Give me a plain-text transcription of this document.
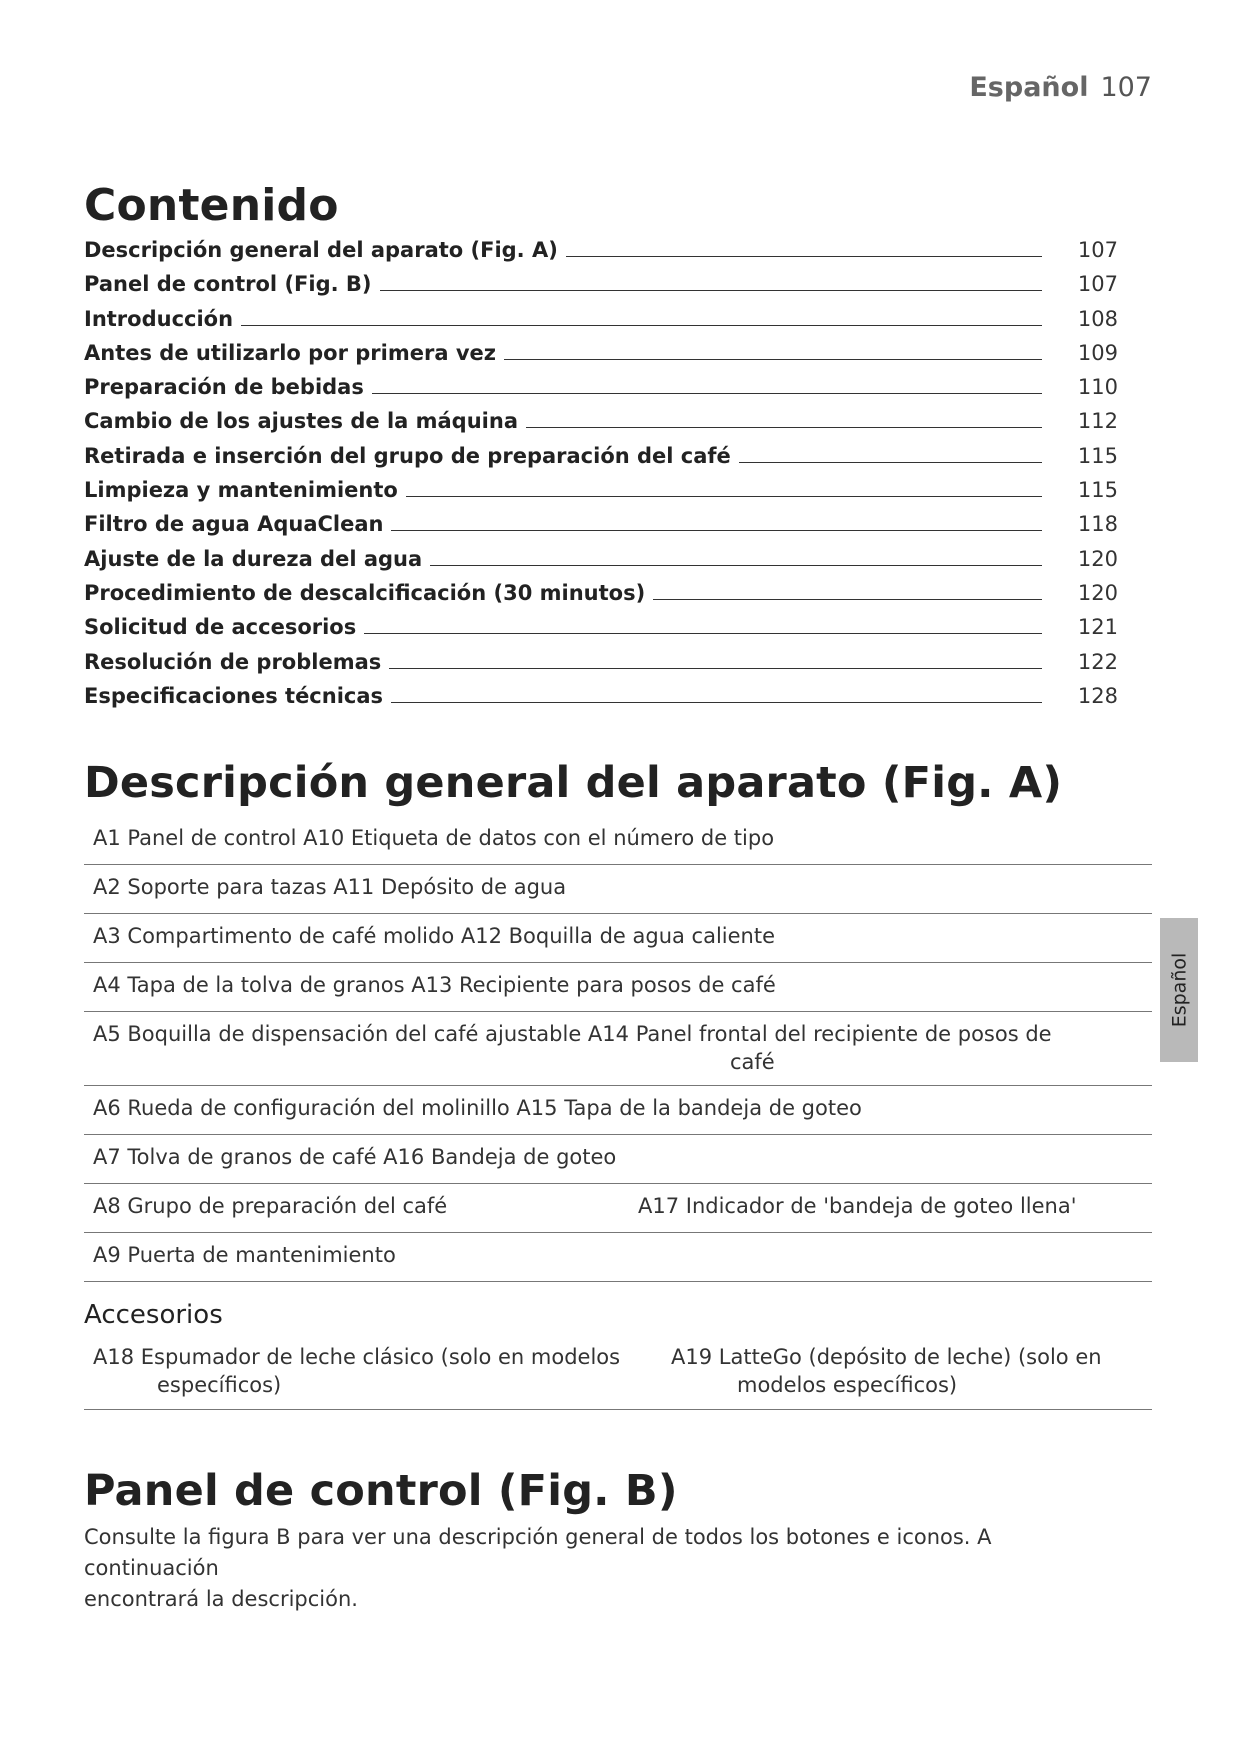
Español 107
Contenido
Descripción general del aparato (Fig. A)	107
Panel de control (Fig. B)	107
Introducción	108
Antes de utilizarlo por primera vez	109
Preparación de bebidas	110
Cambio de los ajustes de la máquina	112
Retirada e inserción del grupo de preparación del café	115
Limpieza y mantenimiento	115
Filtro de agua AquaClean	118
Ajuste de la dureza del agua	120
Procedimiento de descalcificación (30 minutos)	120
Solicitud de accesorios	121
Resolución de problemas	122
Especificaciones técnicas	128
Descripción general del aparato (Fig. A)
A1 Panel de control A10 Etiqueta de datos con el número de tipo
A2 Soporte para tazas A11 Depósito de agua
A3 Compartimento de café molido A12 Boquilla de agua caliente
A4 Tapa de la tolva de granos A13 Recipiente para posos de café
A5 Boquilla de dispensación del café ajustable A14 Panel frontal del recipiente de posos de
café
A6 Rueda de configuración del molinillo A15 Tapa de la bandeja de goteo
A7 Tolva de granos de café A16 Bandeja de goteo
A8 Grupo de preparación del café	A17 Indicador de 'bandeja de goteo llena'
A9 Puerta de mantenimiento
Accesorios
A18 Espumador de leche clásico (solo en modelos
específicos)
A19 LatteGo (depósito de leche) (solo en
modelos específicos)
Panel de control (Fig. B)

Consulte la figura B para ver una descripción general de todos los botones e iconos. A continuación
encontrará la descripción.

Español
